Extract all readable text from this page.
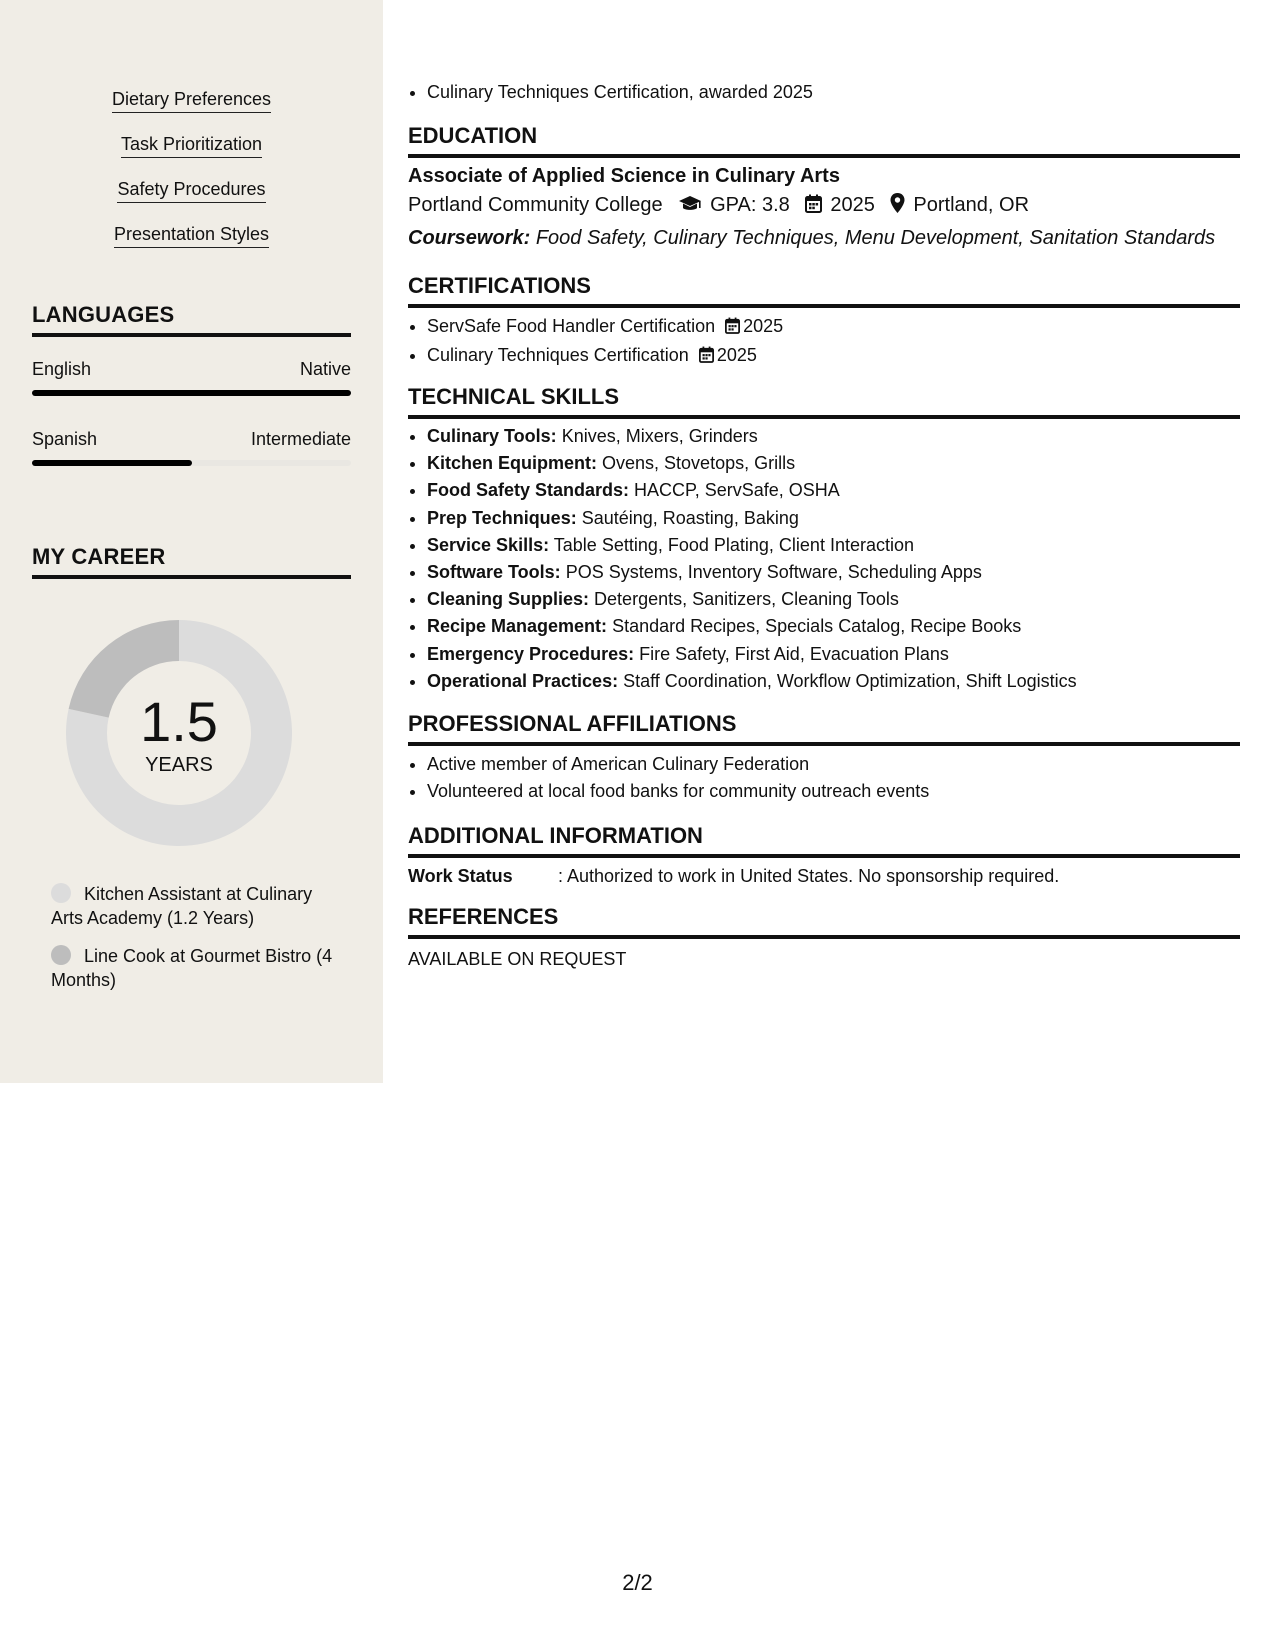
Dietary Preferences
Task Prioritization
Safety Procedures
Presentation Styles
LANGUAGES
English	Native
Spanish	Intermediate
MY CAREER
1.5
YEARS
Kitchen Assistant at Culinary Arts Academy (1.2 Years)
Line Cook at Gourmet Bistro (4 Months)
• Culinary Techniques Certification, awarded 2025
EDUCATION
Associate of Applied Science in Culinary Arts
Portland Community College GPA: 3.8 2025 Portland, OR
Coursework: Food Safety, Culinary Techniques, Menu Development, Sanitation Standards
CERTIFICATIONS
• ServSafe Food Handler Certification 2025
• Culinary Techniques Certification 2025
TECHNICAL SKILLS
• Culinary Tools: Knives, Mixers, Grinders
• Kitchen Equipment: Ovens, Stovetops, Grills
• Food Safety Standards: HACCP, ServSafe, OSHA
• Prep Techniques: Sautéing, Roasting, Baking
• Service Skills: Table Setting, Food Plating, Client Interaction
• Software Tools: POS Systems, Inventory Software, Scheduling Apps
• Cleaning Supplies: Detergents, Sanitizers, Cleaning Tools
• Recipe Management: Standard Recipes, Specials Catalog, Recipe Books
• Emergency Procedures: Fire Safety, First Aid, Evacuation Plans
• Operational Practices: Staff Coordination, Workflow Optimization, Shift Logistics
PROFESSIONAL AFFILIATIONS
• Active member of American Culinary Federation
• Volunteered at local food banks for community outreach events
ADDITIONAL INFORMATION
Work Status	: Authorized to work in United States. No sponsorship required.
REFERENCES
AVAILABLE ON REQUEST
2/2
